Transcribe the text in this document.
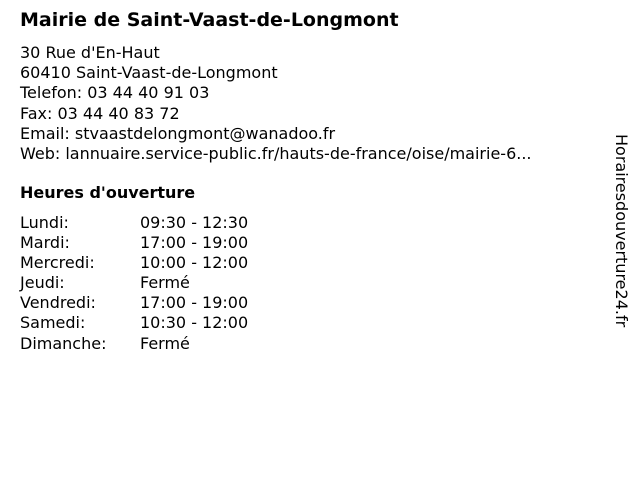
Mairie de Saint-Vaast-de-Longmont
30 Rue d'En-Haut
60410 Saint-Vaast-de-Longmont
Telefon: 03 44 40 91 03
Fax: 03 44 40 83 72
Email: stvaastdelongmont@wanadoo.fr
Web: lannuaire.service-public.fr/hauts-de-france/oise/mairie-6...
Heures d'ouverture
Lundi:	09:30 - 12:30
Mardi:	17:00 - 19:00
Mercredi:	10:00 - 12:00
Jeudi:	Fermé
Vendredi:	17:00 - 19:00
Samedi:	10:30 - 12:00
Dimanche: Fermé
Horairesdouverture24.fr
